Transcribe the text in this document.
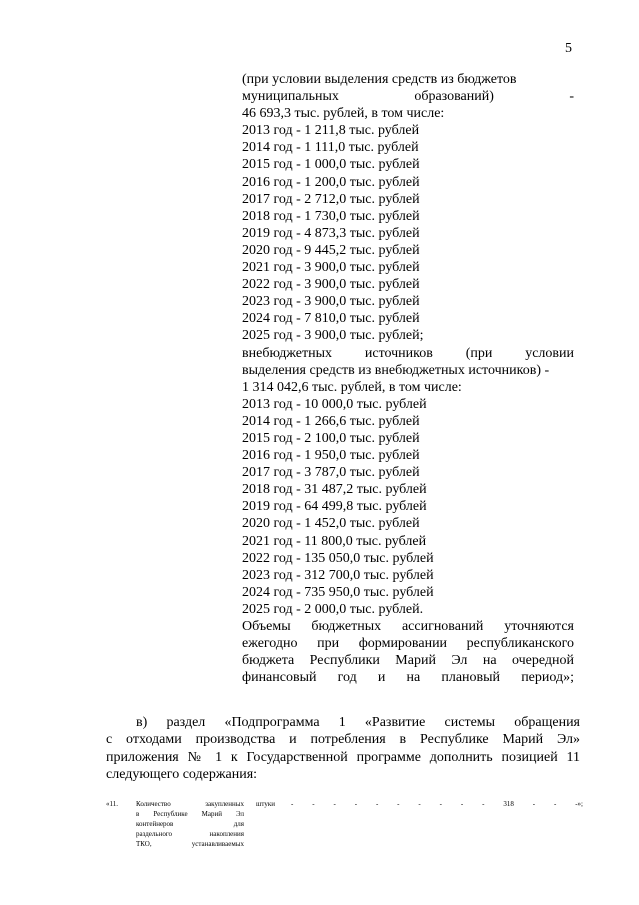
5
(при условии выделения средств из бюджетов
муниципальных образований) -
46 693,3 тыс. рублей, в том числе:
2013 год - 1 211,8 тыс. рублей
2014 год - 1 111,0 тыс. рублей
2015 год - 1 000,0 тыс. рублей
2016 год - 1 200,0 тыс. рублей
2017 год - 2 712,0 тыс. рублей
2018 год - 1 730,0 тыс. рублей
2019 год - 4 873,3 тыс. рублей
2020 год - 9 445,2 тыс. рублей
2021 год - 3 900,0 тыс. рублей
2022 год - 3 900,0 тыс. рублей
2023 год - 3 900,0 тыс. рублей
2024 год - 7 810,0 тыс. рублей
2025 год - 3 900,0 тыс. рублей;
внебюджетных источников (при условии
выделения средств из внебюджетных источников) -
1 314 042,6 тыс. рублей, в том числе:
2013 год - 10 000,0 тыс. рублей
2014 год - 1 266,6 тыс. рублей
2015 год - 2 100,0 тыс. рублей
2016 год - 1 950,0 тыс. рублей
2017 год - 3 787,0 тыс. рублей
2018 год - 31 487,2 тыс. рублей
2019 год - 64 499,8 тыс. рублей
2020 год - 1 452,0 тыс. рублей
2021 год - 11 800,0 тыс. рублей
2022 год - 135 050,0 тыс. рублей
2023 год - 312 700,0 тыс. рублей
2024 год - 735 950,0 тыс. рублей
2025 год - 2 000,0 тыс. рублей.
Объемы бюджетных ассигнований уточняются
ежегодно при формировании республиканского
бюджета Республики Марий Эл на очередной
финансовый год и на плановый период»;
в) раздел «Подпрограмма 1 «Развитие системы обращения
с отходами производства и потребления в Республике Марий Эл»
приложения № 1 к Государственной программе дополнить позицией 11
следующего содержания:
«11.	Количество закупленных
в Республике Марий Эл
контейнеров для
раздельного накопления
ТКО, устанавливаемых
штуки -	-	-	-	-	-	-	-	-	-	318	-	-	-»;
